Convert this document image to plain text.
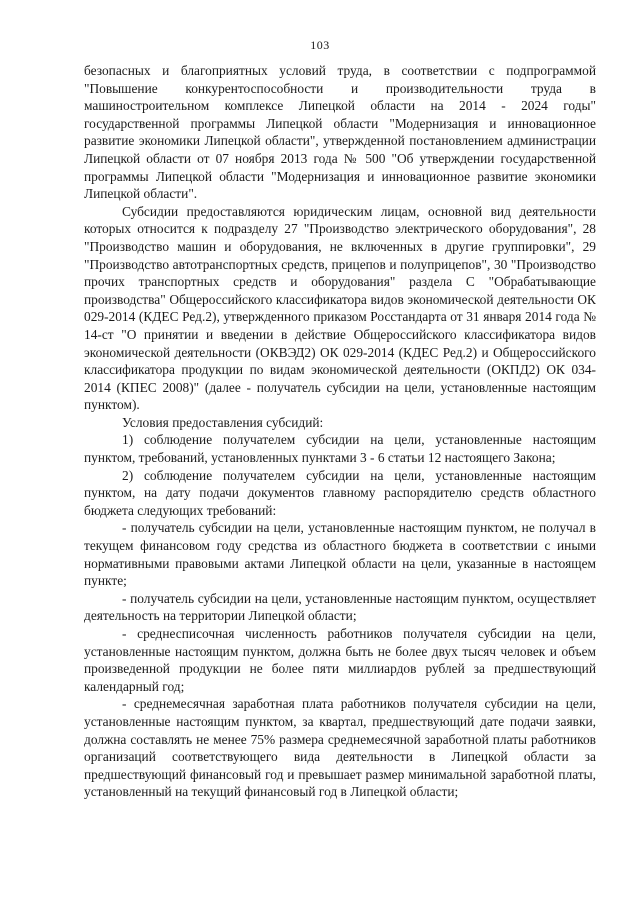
103

безопасных и благоприятных условий труда, в соответствии с подпрограммой "Повышение конкурентоспособности и производительности труда в машиностроительном комплексе Липецкой области на 2014 - 2024 годы" государственной программы Липецкой области "Модернизация и инновационное развитие экономики Липецкой области", утвержденной постановлением администрации Липецкой области от 07 ноября 2013 года № 500 "Об утверждении государственной программы Липецкой области "Модернизация и инновационное развитие экономики Липецкой области".

Субсидии предоставляются юридическим лицам, основной вид деятельности которых относится к подразделу 27 "Производство электрического оборудования", 28 "Производство машин и оборудования, не включенных в другие группировки", 29 "Производство автотранспортных средств, прицепов и полуприцепов", 30 "Производство прочих транспортных средств и оборудования" раздела С "Обрабатывающие производства" Общероссийского классификатора видов экономической деятельности ОК 029-2014 (КДЕС Ред.2), утвержденного приказом Росстандарта от 31 января 2014 года № 14-ст "О принятии и введении в действие Общероссийского классификатора видов экономической деятельности (ОКВЭД2) ОК 029-2014 (КДЕС Ред.2) и Общероссийского классификатора продукции по видам экономической деятельности (ОКПД2) ОК 034-2014 (КПЕС 2008)" (далее - получатель субсидии на цели, установленные настоящим пунктом).

Условия предоставления субсидий:

1) соблюдение получателем субсидии на цели, установленные настоящим пунктом, требований, установленных пунктами 3 - 6 статьи 12 настоящего Закона;

2) соблюдение получателем субсидии на цели, установленные настоящим пунктом, на дату подачи документов главному распорядителю средств областного бюджета следующих требований:

- получатель субсидии на цели, установленные настоящим пунктом, не получал в текущем финансовом году средства из областного бюджета в соответствии с иными нормативными правовыми актами Липецкой области на цели, указанные в настоящем пункте;

- получатель субсидии на цели, установленные настоящим пунктом, осуществляет деятельность на территории Липецкой области;

- среднесписочная численность работников получателя субсидии на цели, установленные настоящим пунктом, должна быть не более двух тысяч человек и объем произведенной продукции не более пяти миллиардов рублей за предшествующий календарный год;

- среднемесячная заработная плата работников получателя субсидии на цели, установленные настоящим пунктом, за квартал, предшествующий дате подачи заявки, должна составлять не менее 75% размера среднемесячной заработной платы работников организаций соответствующего вида деятельности в Липецкой области за предшествующий финансовый год и превышает размер минимальной заработной платы, установленный на текущий финансовый год в Липецкой области;
